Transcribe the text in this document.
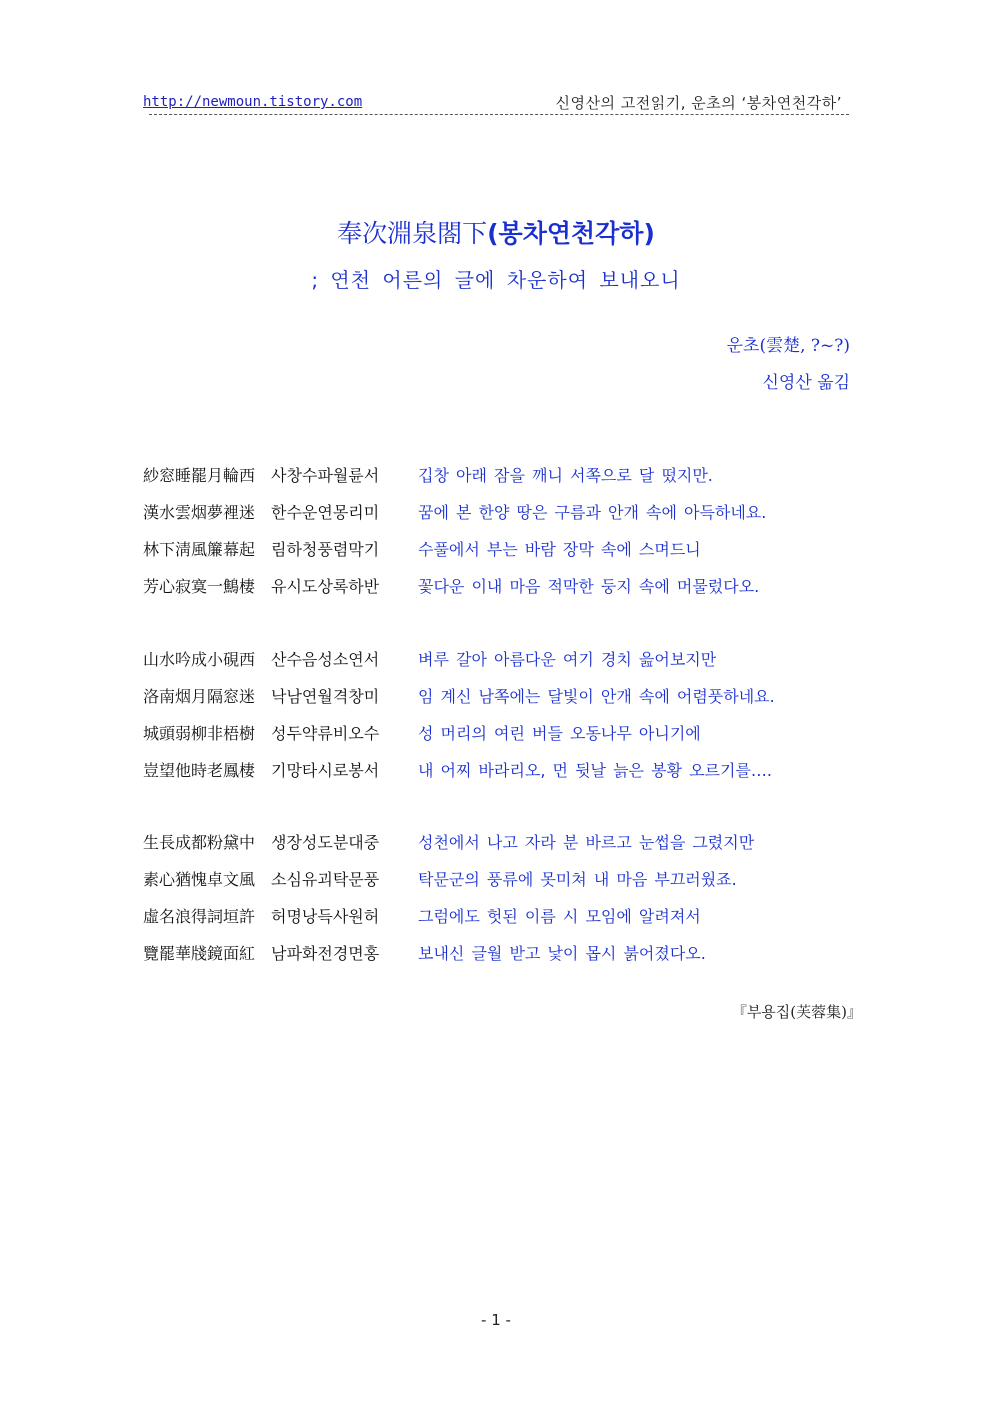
http://newmoun.tistory.com	신영산의 고전읽기, 운초의 ‘봉차연천각하’
奉次淵泉閤下(봉차연천각하)
; 연천 어른의 글에 차운하여 보내오니
운초(雲楚, ?~?)
신영산 옮김
紗窓睡罷月輪西 사창수파월륜서 깁창 아래 잠을 깨니 서쪽으로 달 떴지만.
漢水雲烟夢裡迷 한수운연몽리미 꿈에 본 한양 땅은 구름과 안개 속에 아득하네요.
林下淸風簾幕起 림하청풍렴막기 수풀에서 부는 바람 장막 속에 스며드니
芳心寂寞一鷦棲 유시도상록하반 꽃다운 이내 마음 적막한 둥지 속에 머물렀다오.
山水吟成小硯西 산수음성소연서 벼루 갈아 아름다운 여기 경치 읊어보지만
洛南烟月隔窓迷 낙남연월격창미 임 계신 남쪽에는 달빛이 안개 속에 어렴풋하네요.
城頭弱柳非梧樹 성두약류비오수 성 머리의 여린 버들 오동나무 아니기에
豈望他時老鳳棲 기망타시로봉서 내 어찌 바라리오, 먼 뒷날 늙은 봉황 오르기를….
生長成都粉黛中 생장성도분대중 성천에서 나고 자라 분 바르고 눈썹을 그렸지만
素心猶愧卓文風 소심유괴탁문풍 탁문군의 풍류에 못미쳐 내 마음 부끄러웠죠.
虛名浪得詞垣許 허명낭득사원허 그럼에도 헛된 이름 시 모임에 알려져서
覽罷華牋鏡面紅 남파화전경면홍 보내신 글월 받고 낯이 몹시 붉어졌다오.
『부용집(芙蓉集)』
- 1 -
